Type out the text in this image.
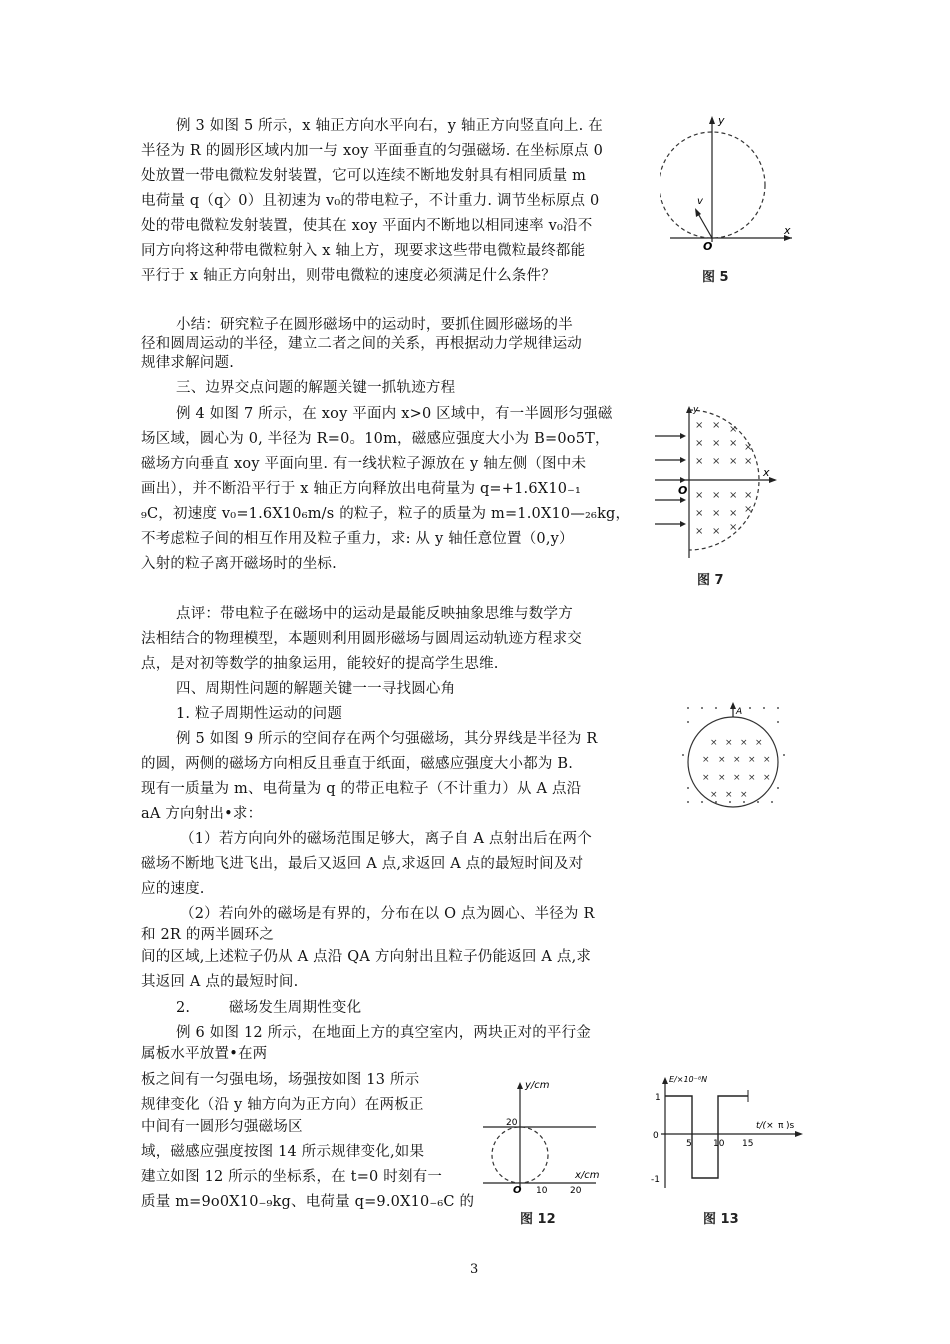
例 3 如图 5 所示，x 轴正方向水平向右，y 轴正方向竖直向上. 在
半径为 R 的圆形区域内加一与 xoy 平面垂直的匀强磁场. 在坐标原点 0
处放置一带电微粒发射装置，它可以连续不断地发射具有相同质量 m
电荷量 q（q〉0）且初速为 v₀的带电粒子，不计重力. 调节坐标原点 0
处的带电微粒发射装置，使其在 xoy 平面内不断地以相同速率 v₀沿不
同方向将这种带电微粒射入 x 轴上方，现要求这些带电微粒最终都能
平行于 x 轴正方向射出，则带电微粒的速度必须满足什么条件？
小结：研究粒子在圆形磁场中的运动时，要抓住圆形磁场的半
径和圆周运动的半径，建立二者之间的关系，再根据动力学规律运动
规律求解问题.
三、边界交点问题的解题关键一抓轨迹方程
例 4 如图 7 所示，在 xoy 平面内 x>0 区域中，有一半圆形匀强磁
场区域，圆心为 0, 半径为 R=0。10m，磁感应强度大小为 B=0o5T，
磁场方向垂直 xoy 平面向里. 有一线状粒子源放在 y 轴左侧（图中未
画出），并不断沿平行于 x 轴正方向释放出电荷量为 q=+1.6X10₋₁
₉C，初速度 v₀=1.6X10₆m/s 的粒子，粒子的质量为 m=1.0X10—₂₆kg，
不考虑粒子间的相互作用及粒子重力，求: 从 y 轴任意位置（0,y）
入射的粒子离开磁场时的坐标.
点评：带电粒子在磁场中的运动是最能反映抽象思维与数学方
法相结合的物理模型，本题则利用圆形磁场与圆周运动轨迹方程求交
点，是对初等数学的抽象运用，能较好的提高学生思维.
四、周期性问题的解题关键一一寻找圆心角
1. 粒子周期性运动的问题
例 5 如图 9 所示的空间存在两个匀强磁场，其分界线是半径为 R
的圆，两侧的磁场方向相反且垂直于纸面，磁感应强度大小都为 B.
现有一质量为 m、电荷量为 q 的带正电粒子（不计重力）从 A 点沿
aA 方向射出•求：
（1）若方向向外的磁场范围足够大，离子自 A 点射出后在两个
磁场不断地飞进飞出，最后又返回 A 点,求返回 A 点的最短时间及对
应的速度.
（2）若向外的磁场是有界的，分布在以 O 点为圆心、半径为 R
和 2R 的两半圆环之
间的区域,上述粒子仍从 A 点沿 QA 方向射出且粒子仍能返回 A 点,求
其返回 A 点的最短时间.
2.	磁场发生周期性变化
例 6 如图 12 所示，在地面上方的真空室内，两块正对的平行金
属板水平放置•在两
板之间有一匀强电场，场强按如图 13 所示
规律变化（沿 y 轴方向为正方向）在两板正
中间有一圆形匀强磁场区
域，磁感应强度按图 14 所示规律变化,如果
建立如图 12 所示的坐标系，在 t=0 时刻有一
质量 m=9o0X10₋₉kg、电荷量 q=9.0X10₋₆C 的
y
x
O
v
图 5
× × ×
× × × ×
× × × ×
× × × ×
× × × ×
× × ×
y
x
O
图 7
× × × ×
× × × × ×
× × × × ×
× × ×
A
y/cm
x/cm
20
O 10	20
图 12
E/×10⁻⁸N
t/(× π )s
0
1
-1
5 10 15
图 13
3
